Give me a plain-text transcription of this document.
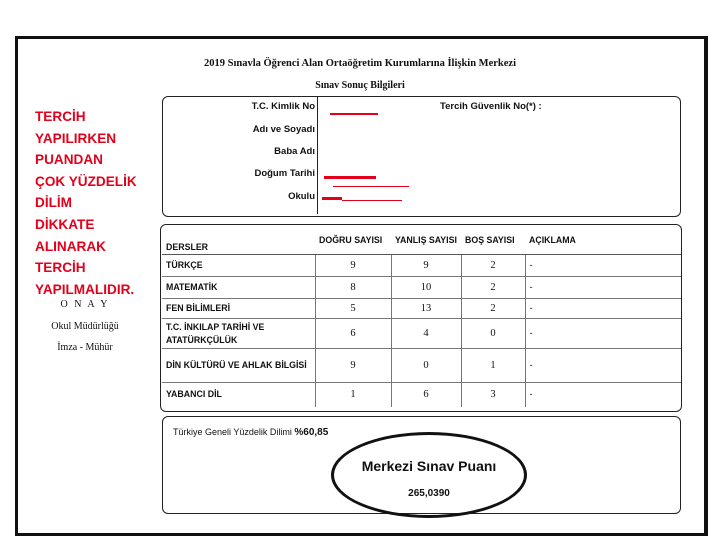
2019 Sınavla Öğrenci Alan Ortaöğretim Kurumlarına İlişkin Merkezi
Sınav Sonuç Bilgileri
T.C. Kimlik No	Tercih Güvenlik No(*) :
Adı ve Soyadı
Baba Adı
Doğum Tarihi
Okulu
TERCİH
YAPILIRKEN
PUANDAN
ÇOK YÜZDELİK
DİLİM
DİKKATE
ALINARAK
TERCİH
YAPILMALIDIR.
O N A Y
Okul Müdürlüğü
İmza - Mühür
DERSLER	DOĞRU SAYISI	YANLIŞ SAYISI	BOŞ SAYISI	AÇIKLAMA
TÜRKÇE	9	9	2	-
MATEMATİK	8	10	2	-
FEN BİLİMLERİ	5	13	2	-
T.C. İNKILAP TARİHİ VE ATATÜRKÇÜLÜK	6	4	0	-
DİN KÜLTÜRÜ VE AHLAK BİLGİSİ	9	0	1	-
YABANCI DİL	1	6	3	-
Türkiye Geneli Yüzdelik Dilimi %60,85
Merkezi Sınav Puanı
265,0390
